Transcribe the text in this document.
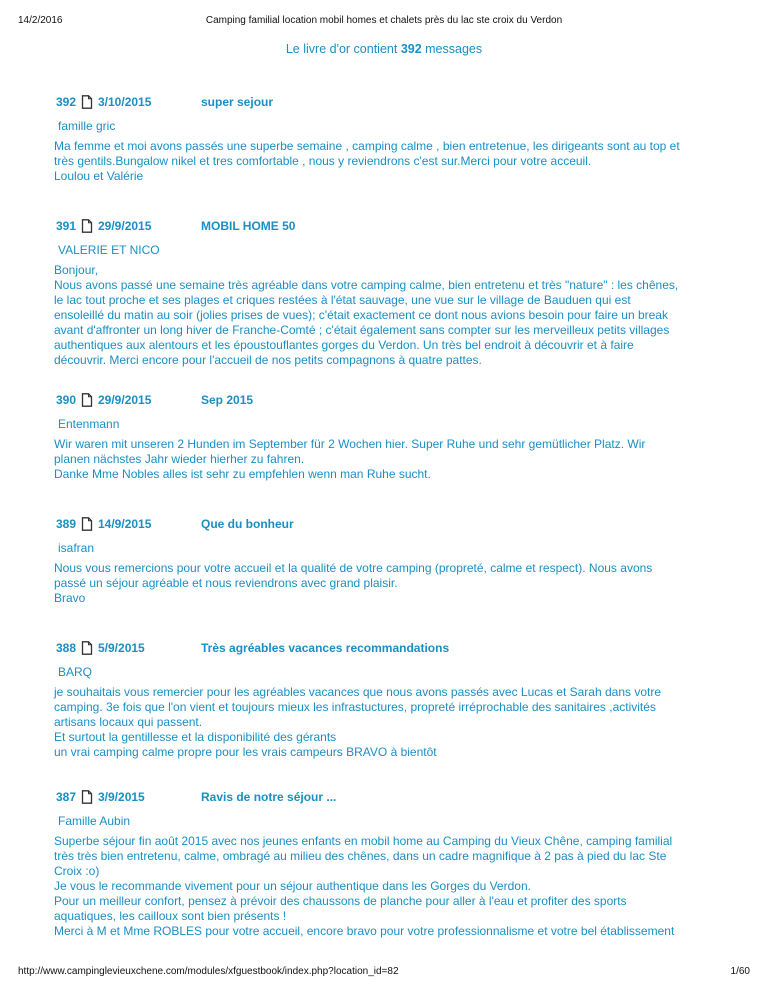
14/2/2016	Camping familial location mobil homes et chalets près du lac ste croix du Verdon
Le livre d'or contient 392 messages
392 3/10/2015	super sejour
famille gric
Ma femme et moi avons passés une superbe semaine , camping calme , bien entretenue, les dirigeants sont au top et
très gentils.Bungalow nikel et tres comfortable , nous y reviendrons c'est sur.Merci pour votre acceuil.
Loulou et Valérie
391 29/9/2015	MOBIL HOME 50
VALERIE ET NICO
Bonjour,
Nous avons passé une semaine très agréable dans votre camping calme, bien entretenu et très "nature" : les chênes,
le lac tout proche et ses plages et criques restées à l'état sauvage, une vue sur le village de Bauduen qui est
ensoleillé du matin au soir (jolies prises de vues); c'était exactement ce dont nous avions besoin pour faire un break
avant d'affronter un long hiver de Franche-Comté ; c'était également sans compter sur les merveilleux petits villages
authentiques aux alentours et les époustouflantes gorges du Verdon. Un très bel endroit à découvrir et à faire
découvrir. Merci encore pour l'accueil de nos petits compagnons à quatre pattes.
390 29/9/2015	Sep 2015
Entenmann
Wir waren mit unseren 2 Hunden im September für 2 Wochen hier. Super Ruhe und sehr gemütlicher Platz. Wir
planen nächstes Jahr wieder hierher zu fahren.
Danke Mme Nobles alles ist sehr zu empfehlen wenn man Ruhe sucht.
389 14/9/2015	Que du bonheur
isafran
Nous vous remercions pour votre accueil et la qualité de votre camping (propreté, calme et respect). Nous avons
passé un séjour agréable et nous reviendrons avec grand plaisir.
Bravo
388 5/9/2015	Très agréables vacances recommandations
BARQ
je souhaitais vous remercier pour les agréables vacances que nous avons passés avec Lucas et Sarah dans votre
camping. 3e fois que l'on vient et toujours mieux les infrastuctures, propreté irréprochable des sanitaires ,activités
artisans locaux qui passent.
Et surtout la gentillesse et la disponibilité des gérants
un vrai camping calme propre pour les vrais campeurs BRAVO à bientôt
387 3/9/2015	Ravis de notre séjour ...
Famille Aubin
Superbe séjour fin août 2015 avec nos jeunes enfants en mobil home au Camping du Vieux Chêne, camping familial
très très bien entretenu, calme, ombragé au milieu des chênes, dans un cadre magnifique à 2 pas à pied du lac Ste
Croix :o)
Je vous le recommande vivement pour un séjour authentique dans les Gorges du Verdon.
Pour un meilleur confort, pensez à prévoir des chaussons de planche pour aller à l'eau et profiter des sports
aquatiques, les cailloux sont bien présents !
Merci à M et Mme ROBLES pour votre accueil, encore bravo pour votre professionnalisme et votre bel établissement
http://www.campinglevieuxchene.com/modules/xfguestbook/index.php?location_id=82	1/60
